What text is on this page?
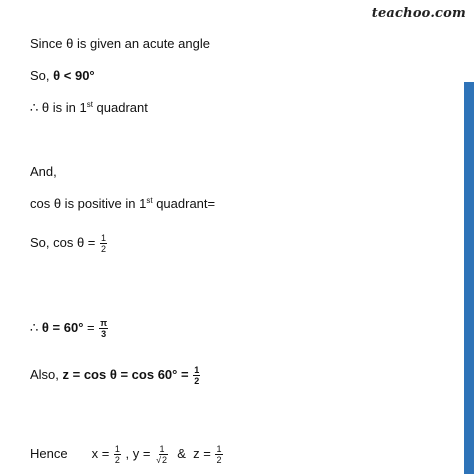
teachoo.com
Since θ is given an acute angle
So, θ < 90°
∴ θ is in 1st quadrant
And,
cos θ is positive in 1st quadrant=
So, $\cos \theta = \frac{1}{2}$
∴ $\theta = 60^\circ = \frac{\pi}{3}$
Also, $z = \cos \theta = \cos 60^\circ = \frac{1}{2}$
Hence $x = \frac{1}{2}$ , $y = \frac{1}{√2}$ &  $z = \frac{1}{2}$
